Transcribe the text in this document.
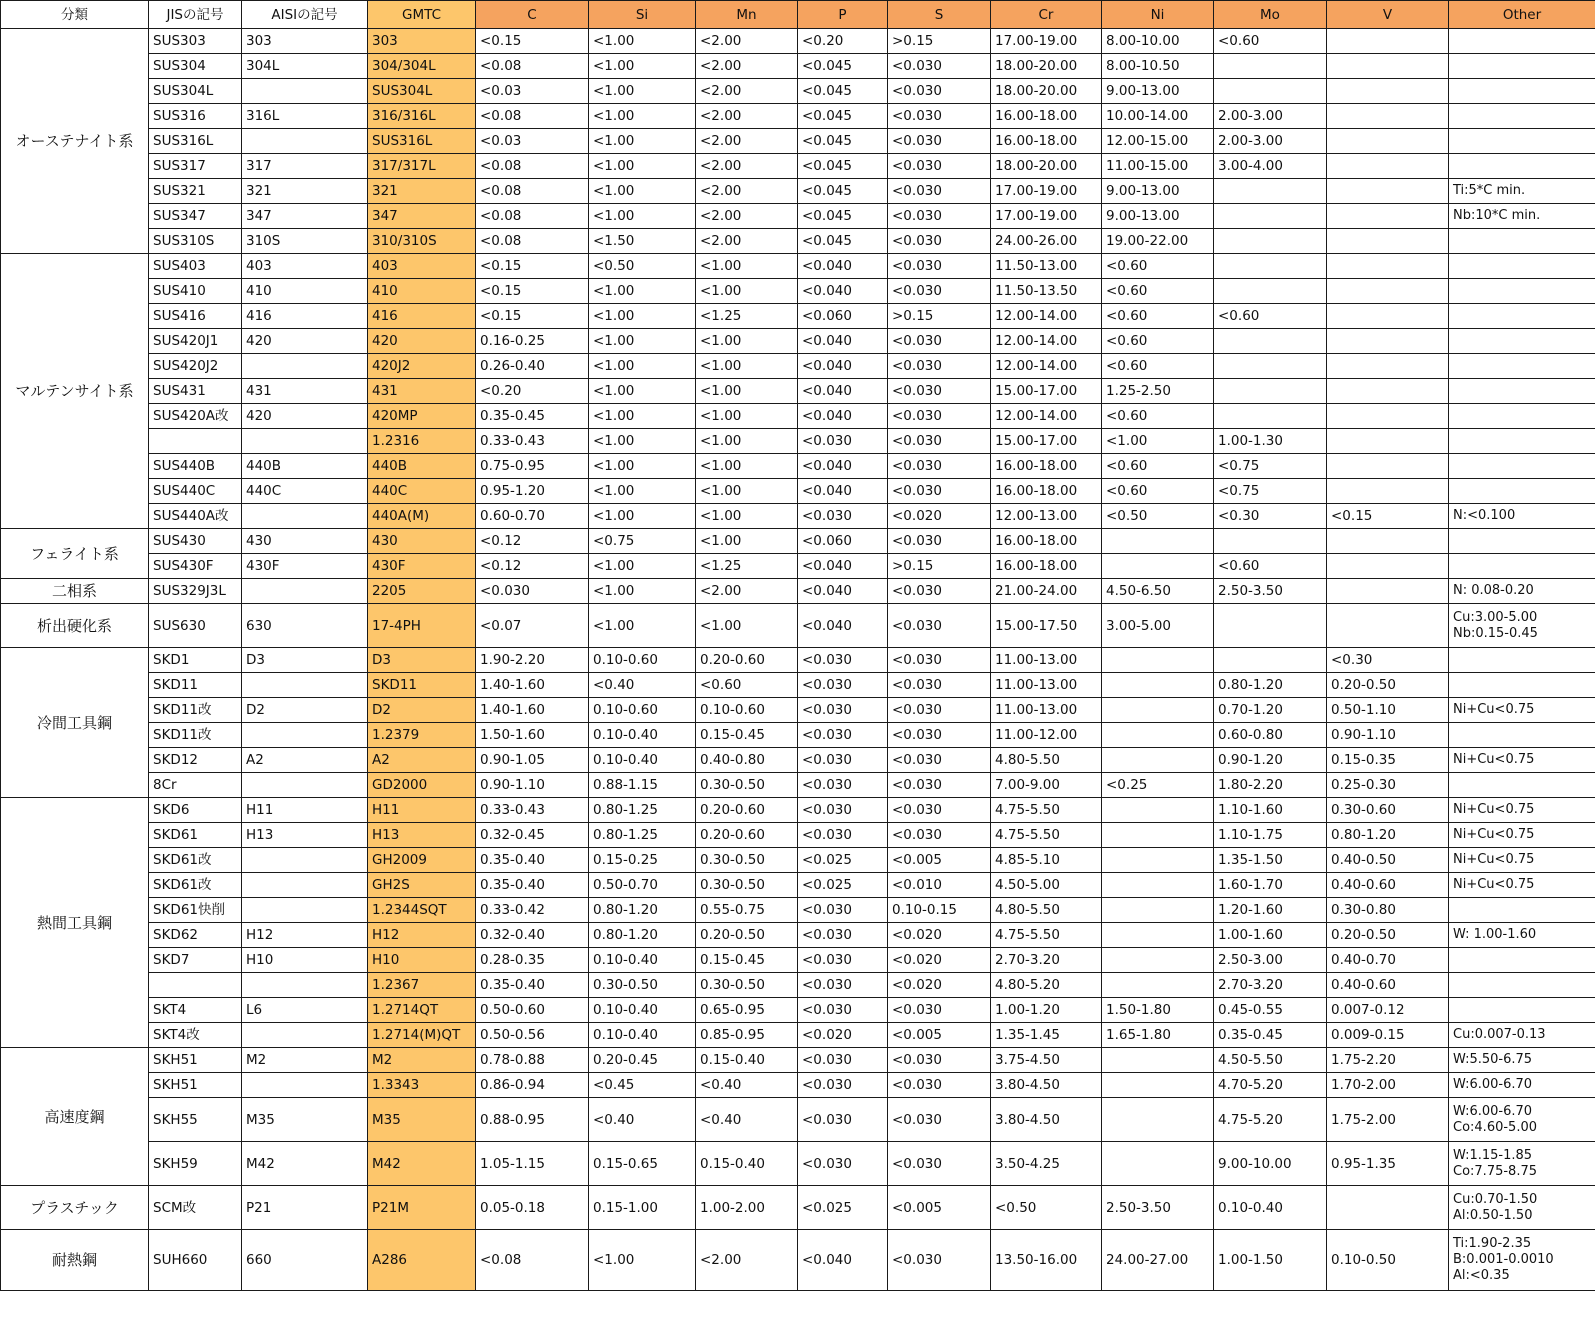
分類	JISの記号	AISIの記号	GMTC	C	Si	Mn	P	S	Cr	Ni	Mo	V	Other
オーステナイト系	SUS303	303	303	<0.15	<1.00	<2.00	<0.20	>0.15	17.00-19.00	8.00-10.00	<0.60		
	SUS304	304L	304/304L	<0.08	<1.00	<2.00	<0.045	<0.030	18.00-20.00	8.00-10.50			
	SUS304L		SUS304L	<0.03	<1.00	<2.00	<0.045	<0.030	18.00-20.00	9.00-13.00			
	SUS316	316L	316/316L	<0.08	<1.00	<2.00	<0.045	<0.030	16.00-18.00	10.00-14.00	2.00-3.00		
	SUS316L		SUS316L	<0.03	<1.00	<2.00	<0.045	<0.030	16.00-18.00	12.00-15.00	2.00-3.00		
	SUS317	317	317/317L	<0.08	<1.00	<2.00	<0.045	<0.030	18.00-20.00	11.00-15.00	3.00-4.00		
	SUS321	321	321	<0.08	<1.00	<2.00	<0.045	<0.030	17.00-19.00	9.00-13.00			Ti:5*C min.
	SUS347	347	347	<0.08	<1.00	<2.00	<0.045	<0.030	17.00-19.00	9.00-13.00			Nb:10*C min.
	SUS310S	310S	310/310S	<0.08	<1.50	<2.00	<0.045	<0.030	24.00-26.00	19.00-22.00			
マルテンサイト系	SUS403	403	403	<0.15	<0.50	<1.00	<0.040	<0.030	11.50-13.00	<0.60			
	SUS410	410	410	<0.15	<1.00	<1.00	<0.040	<0.030	11.50-13.50	<0.60			
	SUS416	416	416	<0.15	<1.00	<1.25	<0.060	>0.15	12.00-14.00	<0.60	<0.60		
	SUS420J1	420	420	0.16-0.25	<1.00	<1.00	<0.040	<0.030	12.00-14.00	<0.60			
	SUS420J2		420J2	0.26-0.40	<1.00	<1.00	<0.040	<0.030	12.00-14.00	<0.60			
	SUS431	431	431	<0.20	<1.00	<1.00	<0.040	<0.030	15.00-17.00	1.25-2.50			
	SUS420A改	420	420MP	0.35-0.45	<1.00	<1.00	<0.040	<0.030	12.00-14.00	<0.60			
			1.2316	0.33-0.43	<1.00	<1.00	<0.030	<0.030	15.00-17.00	<1.00	1.00-1.30		
	SUS440B	440B	440B	0.75-0.95	<1.00	<1.00	<0.040	<0.030	16.00-18.00	<0.60	<0.75		
	SUS440C	440C	440C	0.95-1.20	<1.00	<1.00	<0.040	<0.030	16.00-18.00	<0.60	<0.75		
	SUS440A改		440A(M)	0.60-0.70	<1.00	<1.00	<0.030	<0.020	12.00-13.00	<0.50	<0.30	<0.15	N:<0.100
フェライト系	SUS430	430	430	<0.12	<0.75	<1.00	<0.060	<0.030	16.00-18.00				
	SUS430F	430F	430F	<0.12	<1.00	<1.25	<0.040	>0.15	16.00-18.00		<0.60		
二相系	SUS329J3L		2205	<0.030	<1.00	<2.00	<0.040	<0.030	21.00-24.00	4.50-6.50	2.50-3.50		N: 0.08-0.20
析出硬化系	SUS630	630	17-4PH	<0.07	<1.00	<1.00	<0.040	<0.030	15.00-17.50	3.00-5.00			Cu:3.00-5.00
Nb:0.15-0.45
冷間工具鋼	SKD1	D3	D3	1.90-2.20	0.10-0.60	0.20-0.60	<0.030	<0.030	11.00-13.00			<0.30	
	SKD11		SKD11	1.40-1.60	<0.40	<0.60	<0.030	<0.030	11.00-13.00		0.80-1.20	0.20-0.50	
	SKD11改	D2	D2	1.40-1.60	0.10-0.60	0.10-0.60	<0.030	<0.030	11.00-13.00		0.70-1.20	0.50-1.10	Ni+Cu<0.75
	SKD11改		1.2379	1.50-1.60	0.10-0.40	0.15-0.45	<0.030	<0.030	11.00-12.00		0.60-0.80	0.90-1.10	
	SKD12	A2	A2	0.90-1.05	0.10-0.40	0.40-0.80	<0.030	<0.030	4.80-5.50		0.90-1.20	0.15-0.35	Ni+Cu<0.75
	8Cr		GD2000	0.90-1.10	0.88-1.15	0.30-0.50	<0.030	<0.030	7.00-9.00	<0.25	1.80-2.20	0.25-0.30	
熱間工具鋼	SKD6	H11	H11	0.33-0.43	0.80-1.25	0.20-0.60	<0.030	<0.030	4.75-5.50		1.10-1.60	0.30-0.60	Ni+Cu<0.75
	SKD61	H13	H13	0.32-0.45	0.80-1.25	0.20-0.60	<0.030	<0.030	4.75-5.50		1.10-1.75	0.80-1.20	Ni+Cu<0.75
	SKD61改		GH2009	0.35-0.40	0.15-0.25	0.30-0.50	<0.025	<0.005	4.85-5.10		1.35-1.50	0.40-0.50	Ni+Cu<0.75
	SKD61改		GH2S	0.35-0.40	0.50-0.70	0.30-0.50	<0.025	<0.010	4.50-5.00		1.60-1.70	0.40-0.60	Ni+Cu<0.75
	SKD61快削		1.2344SQT	0.33-0.42	0.80-1.20	0.55-0.75	<0.030	0.10-0.15	4.80-5.50		1.20-1.60	0.30-0.80	
	SKD62	H12	H12	0.32-0.40	0.80-1.20	0.20-0.50	<0.030	<0.020	4.75-5.50		1.00-1.60	0.20-0.50	W: 1.00-1.60
	SKD7	H10	H10	0.28-0.35	0.10-0.40	0.15-0.45	<0.030	<0.020	2.70-3.20		2.50-3.00	0.40-0.70	
			1.2367	0.35-0.40	0.30-0.50	0.30-0.50	<0.030	<0.020	4.80-5.20		2.70-3.20	0.40-0.60	
	SKT4	L6	1.2714QT	0.50-0.60	0.10-0.40	0.65-0.95	<0.030	<0.030	1.00-1.20	1.50-1.80	0.45-0.55	0.007-0.12	
	SKT4改		1.2714(M)QT	0.50-0.56	0.10-0.40	0.85-0.95	<0.020	<0.005	1.35-1.45	1.65-1.80	0.35-0.45	0.009-0.15	Cu:0.007-0.13
高速度鋼	SKH51	M2	M2	0.78-0.88	0.20-0.45	0.15-0.40	<0.030	<0.030	3.75-4.50		4.50-5.50	1.75-2.20	W:5.50-6.75
	SKH51		1.3343	0.86-0.94	<0.45	<0.40	<0.030	<0.030	3.80-4.50		4.70-5.20	1.70-2.00	W:6.00-6.70
	SKH55	M35	M35	0.88-0.95	<0.40	<0.40	<0.030	<0.030	3.80-4.50		4.75-5.20	1.75-2.00	W:6.00-6.70
Co:4.60-5.00
	SKH59	M42	M42	1.05-1.15	0.15-0.65	0.15-0.40	<0.030	<0.030	3.50-4.25		9.00-10.00	0.95-1.35	W:1.15-1.85
Co:7.75-8.75
プラスチック	SCM改	P21	P21M	0.05-0.18	0.15-1.00	1.00-2.00	<0.025	<0.005	<0.50	2.50-3.50	0.10-0.40		Cu:0.70-1.50
Al:0.50-1.50
耐熱鋼	SUH660	660	A286	<0.08	<1.00	<2.00	<0.040	<0.030	13.50-16.00	24.00-27.00	1.00-1.50	0.10-0.50	Ti:1.90-2.35
B:0.001-0.0010
Al:<0.35
